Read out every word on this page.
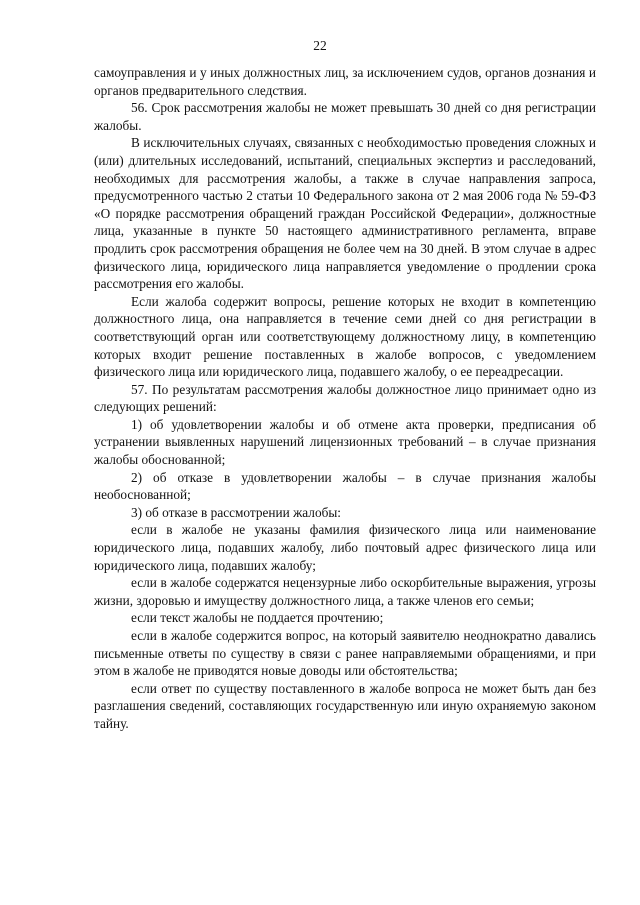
22

самоуправления и у иных должностных лиц, за исключением судов, органов дознания и органов предварительного следствия.

56. Срок рассмотрения жалобы не может превышать 30 дней со дня регистрации жалобы.

В исключительных случаях, связанных с необходимостью проведения сложных и (или) длительных исследований, испытаний, специальных экспертиз и расследований, необходимых для рассмотрения жалобы, а также в случае направления запроса, предусмотренного частью 2 статьи 10 Федерального закона от 2 мая 2006 года № 59-ФЗ «О порядке рассмотрения обращений граждан Российской Федерации», должностные лица, указанные в пункте 50 настоящего административного регламента, вправе продлить срок рассмотрения обращения не более чем на 30 дней. В этом случае в адрес физического лица, юридического лица направляется уведомление о продлении срока рассмотрения его жалобы.

Если жалоба содержит вопросы, решение которых не входит в компетенцию должностного лица, она направляется в течение семи дней со дня регистрации в соответствующий орган или соответствующему должностному лицу, в компетенцию которых входит решение поставленных в жалобе вопросов, с уведомлением физического лица или юридического лица, подавшего жалобу, о ее переадресации.

57. По результатам рассмотрения жалобы должностное лицо принимает одно из следующих решений:

1) об удовлетворении жалобы и об отмене акта проверки, предписания об устранении выявленных нарушений лицензионных требований – в случае признания жалобы обоснованной;

2) об отказе в удовлетворении жалобы – в случае признания жалобы необоснованной;

3) об отказе в рассмотрении жалобы:

если в жалобе не указаны фамилия физического лица или наименование юридического лица, подавших жалобу, либо почтовый адрес физического лица или юридического лица, подавших жалобу;

если в жалобе содержатся нецензурные либо оскорбительные выражения, угрозы жизни, здоровью и имуществу должностного лица, а также членов его семьи;

если текст жалобы не поддается прочтению;

если в жалобе содержится вопрос, на который заявителю неоднократно давались письменные ответы по существу в связи с ранее направляемыми обращениями, и при этом в жалобе не приводятся новые доводы или обстоятельства;

если ответ по существу поставленного в жалобе вопроса не может быть дан без разглашения сведений, составляющих государственную или иную охраняемую законом тайну.
